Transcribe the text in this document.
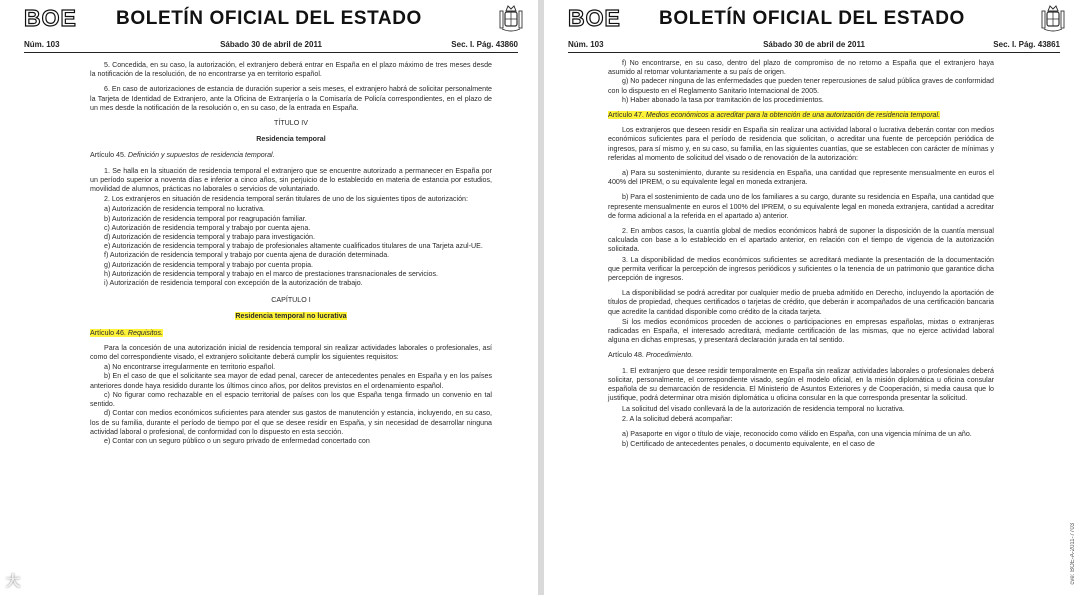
BOE	BOLETÍN OFICIAL DEL ESTADO
Núm. 103	Sábado 30 de abril de 2011	Sec. I. Pág. 43860

5. Concedida, en su caso, la autorización, el extranjero deberá entrar en España en el plazo máximo de tres meses desde la notificación de la resolución, de no encontrarse ya en territorio español.

6. En caso de autorizaciones de estancia de duración superior a seis meses, el extranjero habrá de solicitar personalmente la Tarjeta de Identidad de Extranjero, ante la Oficina de Extranjería o la Comisaría de Policía correspondientes, en el plazo de un mes desde la notificación de la resolución o, en su caso, de la entrada en España.

TÍTULO IV

Residencia temporal

Artículo 45. Definición y supuestos de residencia temporal.

1. Se halla en la situación de residencia temporal el extranjero que se encuentre autorizado a permanecer en España por un período superior a noventa días e inferior a cinco años, sin perjuicio de lo establecido en materia de estancia por estudios, movilidad de alumnos, prácticas no laborales o servicios de voluntariado.

2. Los extranjeros en situación de residencia temporal serán titulares de uno de los siguientes tipos de autorización:

a) Autorización de residencia temporal no lucrativa.

b) Autorización de residencia temporal por reagrupación familiar.

c) Autorización de residencia temporal y trabajo por cuenta ajena.

d) Autorización de residencia temporal y trabajo para investigación.

e) Autorización de residencia temporal y trabajo de profesionales altamente cualificados titulares de una Tarjeta azul-UE.

f) Autorización de residencia temporal y trabajo por cuenta ajena de duración determinada.

g) Autorización de residencia temporal y trabajo por cuenta propia.

h) Autorización de residencia temporal y trabajo en el marco de prestaciones transnacionales de servicios.

i) Autorización de residencia temporal con excepción de la autorización de trabajo.

CAPÍTULO I

Residencia temporal no lucrativa

Artículo 46. Requisitos.

Para la concesión de una autorización inicial de residencia temporal sin realizar actividades laborales o profesionales, así como del correspondiente visado, el extranjero solicitante deberá cumplir los siguientes requisitos:

a) No encontrarse irregularmente en territorio español.

b) En el caso de que el solicitante sea mayor de edad penal, carecer de antecedentes penales en España y en los países anteriores donde haya residido durante los últimos cinco años, por delitos previstos en el ordenamiento español.

c) No figurar como rechazable en el espacio territorial de países con los que España tenga firmado un convenio en tal sentido.

d) Contar con medios económicos suficientes para atender sus gastos de manutención y estancia, incluyendo, en su caso, los de su familia, durante el período de tiempo por el que se desee residir en España, y sin necesidad de desarrollar ninguna actividad laboral o profesional, de conformidad con lo dispuesto en esta sección.

e) Contar con un seguro público o un seguro privado de enfermedad concertado con

大
BOE	BOLETÍN OFICIAL DEL ESTADO
Núm. 103	Sábado 30 de abril de 2011	Sec. I. Pág. 43861

f) No encontrarse, en su caso, dentro del plazo de compromiso de no retorno a España que el extranjero haya asumido al retornar voluntariamente a su país de origen.

g) No padecer ninguna de las enfermedades que pueden tener repercusiones de salud pública graves de conformidad con lo dispuesto en el Reglamento Sanitario Internacional de 2005.

h) Haber abonado la tasa por tramitación de los procedimientos.

Artículo 47. Medios económicos a acreditar para la obtención de una autorización de residencia temporal.

Los extranjeros que deseen residir en España sin realizar una actividad laboral o lucrativa deberán contar con medios económicos suficientes para el período de residencia que solicitan, o acreditar una fuente de percepción periódica de ingresos, para sí mismo y, en su caso, su familia, en las siguientes cuantías, que se establecen con carácter de mínimas y referidas al momento de solicitud del visado o de renovación de la autorización:

a) Para su sostenimiento, durante su residencia en España, una cantidad que represente mensualmente en euros el 400% del IPREM, o su equivalente legal en moneda extranjera.

b) Para el sostenimiento de cada uno de los familiares a su cargo, durante su residencia en España, una cantidad que represente mensualmente en euros el 100% del IPREM, o su equivalente legal en moneda extranjera, cantidad a acreditar de forma adicional a la referida en el apartado a) anterior.

2. En ambos casos, la cuantía global de medios económicos habrá de suponer la disposición de la cuantía mensual calculada con base a lo establecido en el apartado anterior, en relación con el tiempo de vigencia de la autorización solicitada.

3. La disponibilidad de medios económicos suficientes se acreditará mediante la presentación de la documentación que permita verificar la percepción de ingresos periódicos y suficientes o la tenencia de un patrimonio que garantice dicha percepción de ingresos.

La disponibilidad se podrá acreditar por cualquier medio de prueba admitido en Derecho, incluyendo la aportación de títulos de propiedad, cheques certificados o tarjetas de crédito, que deberán ir acompañados de una certificación bancaria que acredite la cantidad disponible como crédito de la citada tarjeta.

Si los medios económicos proceden de acciones o participaciones en empresas españolas, mixtas o extranjeras radicadas en España, el interesado acreditará, mediante certificación de las mismas, que no ejerce actividad laboral alguna en dichas empresas, y presentará declaración jurada en tal sentido.

Artículo 48. Procedimiento.

1. El extranjero que desee residir temporalmente en España sin realizar actividades laborales o profesionales deberá solicitar, personalmente, el correspondiente visado, según el modelo oficial, en la misión diplomática u oficina consular española de su demarcación de residencia. El Ministerio de Asuntos Exteriores y de Cooperación, si media causa que lo justifique, podrá determinar otra misión diplomática u oficina consular en la que corresponda presentar la solicitud.

La solicitud del visado conllevará la de la autorización de residencia temporal no lucrativa.

2. A la solicitud deberá acompañar:

a) Pasaporte en vigor o título de viaje, reconocido como válido en España, con una vigencia mínima de un año.

b) Certificado de antecedentes penales, o documento equivalente, en el caso de

cve: BOE-A-2011-7703
